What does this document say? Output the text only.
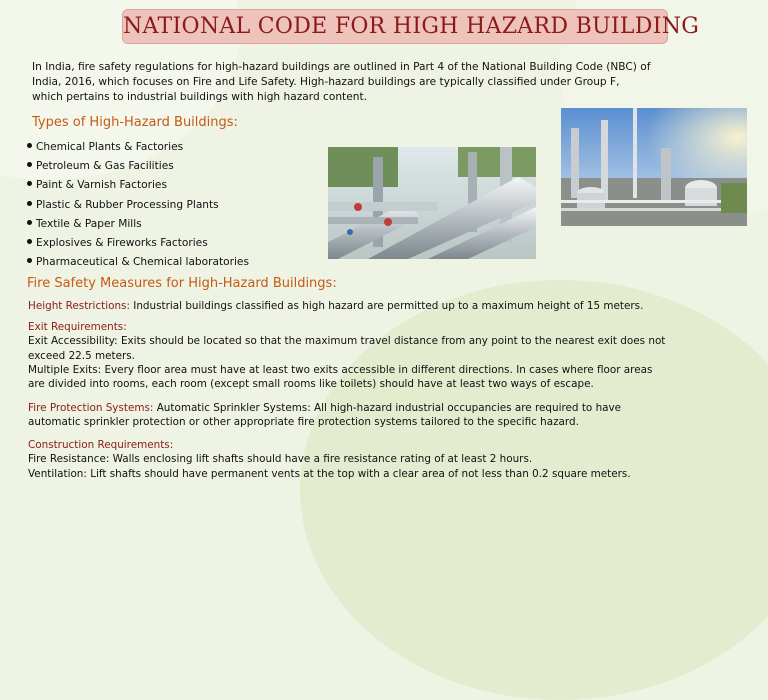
NATIONAL CODE FOR HIGH HAZARD BUILDING
In India, fire safety regulations for high-hazard buildings are outlined in Part 4 of the National Building Code (NBC) of India, 2016, which focuses on Fire and Life Safety. High-hazard buildings are typically classified under Group F, which pertains to industrial buildings with high hazard content.
Types of High-Hazard Buildings:
Chemical Plants & Factories
Petroleum & Gas Facilities
Paint & Varnish Factories
Plastic & Rubber Processing Plants
Textile & Paper Mills
Explosives & Fireworks Factories
Pharmaceutical & Chemical laboratories
Fire Safety Measures for High-Hazard Buildings:
Height Restrictions: Industrial buildings classified as high hazard are permitted up to a maximum height of 15 meters.
Exit Requirements:
Exit Accessibility: Exits should be located so that the maximum travel distance from any point to the nearest exit does not exceed 22.5 meters.
Multiple Exits: Every floor area must have at least two exits accessible in different directions. In cases where floor areas are divided into rooms, each room (except small rooms like toilets) should have at least two ways of escape.
Fire Protection Systems: Automatic Sprinkler Systems: All high-hazard industrial occupancies are required to have automatic sprinkler protection or other appropriate fire protection systems tailored to the specific hazard.
Construction Requirements:
Fire Resistance: Walls enclosing lift shafts should have a fire resistance rating of at least 2 hours.
Ventilation: Lift shafts should have permanent vents at the top with a clear area of not less than 0.2 square meters.
